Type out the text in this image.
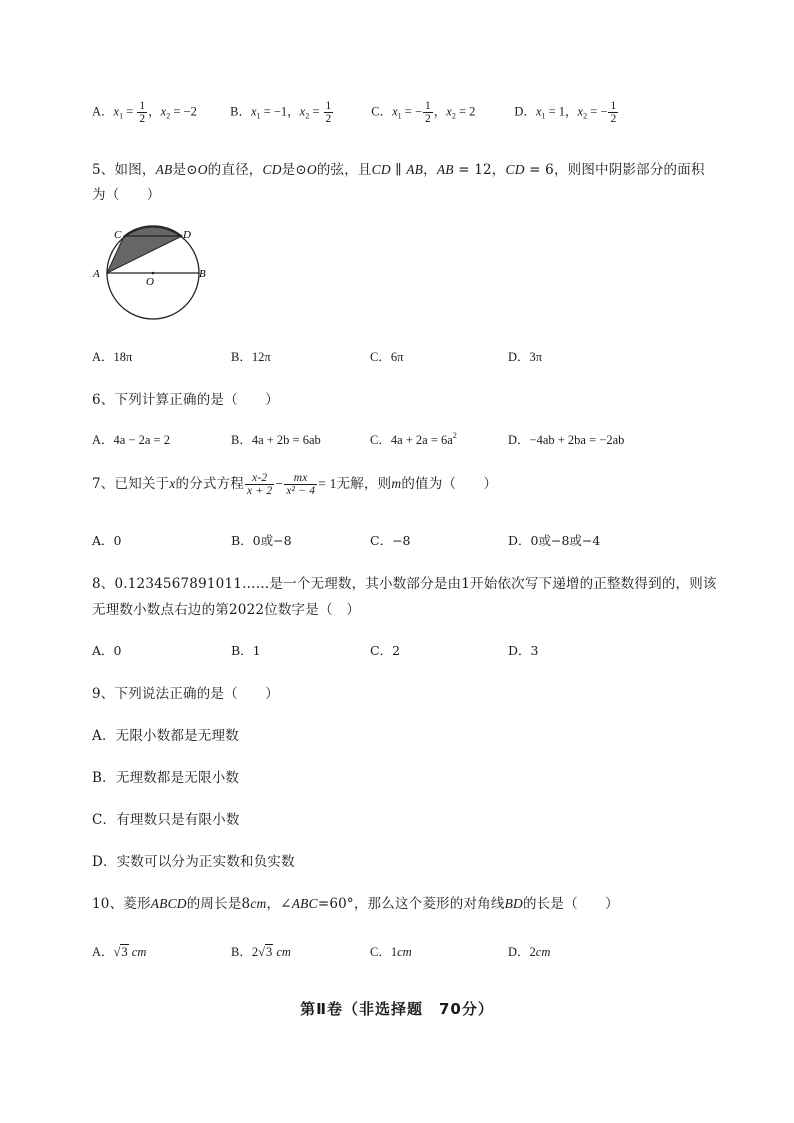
A．$x_1 = \frac{1}{2}$ ，$x_2 = -2$	B．$x_1 = -1$，$x_2 = \frac{1}{2}$	C．$x_1$ = − $\frac{1}{2}$ ，$x_2 = 2$	D．$x_1 = 1$，$x_2$ = − $\frac{1}{2}$
5、如图，AB是⊙O的直径，CD是⊙O的弦，且CD ∥ AB，AB = 12，CD = 6，则图中阴影部分的面积
为（　　）
C	D
A	B
O
A．18π	B．12π	C．6π	D．3π
6、下列计算正确的是（　　）
A．4a − 2a = 2	B．4a + 2b = 6ab	C．$4a + 2a = 6a^2$	D．−4ab + 2ba = −2ab
7、已知关于x的分式方程 $\frac{x-2}{x + 2} - \frac{mx}{\text{x² − 4}} = 1$无解，则m的值为（　　）
A．0	B．0或−8	C．−8	D．0或−8或−4
8、0.1234567891011……是一个无理数，其小数部分是由1开始依次写下递增的正整数得到的，则该
无理数小数点右边的第2022位数字是（　）
A．0	B．1	C．2	D．3
9、下列说法正确的是（　　）
A．无限小数都是无理数
B．无理数都是无限小数
C．有理数只是有限小数
D．实数可以分为正实数和负实数
10、菱形ABCD的周长是8cm，∠ABC=60°，那么这个菱形的对角线BD的长是（　　）
A．√3 cm	B．2√3 cm	C．1cm	D．2cm
第Ⅱ卷（非选择题　70分）
